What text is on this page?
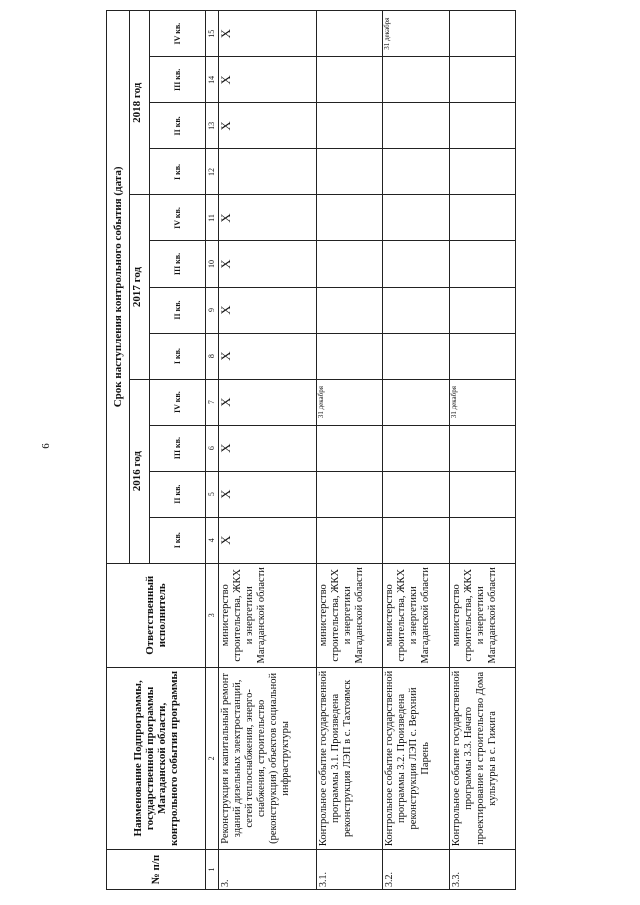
6
№ п/п	Наименование Подпрограммы, государственной программы Магаданской области, контрольного события программы	Ответственный исполнитель	Срок наступления контрольного события (дата)											
			2016 год				2017 год				2018 год			
			I кв.	II кв.	III кв.	IV кв.	I кв.	II кв.	III кв.	IV кв.	I кв.	II кв.	III кв.	IV кв.
1	2	3	4	5	6	7	8	9	10	11	12	13	14	15
3.	Реконструкция и капитальный ремонт зданий дизельных электростанций, сетей теплоснабжения, энерго-снабжения, строительство (реконструкция) объектов социальной инфраструктуры	министерство строительства, ЖКХ и энергетики Магаданской области	X	X	X	X	X	X	X	X		X	X	X
3.1.	Контрольное событие государственной программы 3.1. Произведена реконструкция ЛЭП в с. Тахтоямск	министерство строительства, ЖКХ и энергетики Магаданской области				31 декабря								
3.2.	Контрольное событие государственной программы 3.2. Произведена реконструкция ЛЭП с. Верхний Парень	министерство строительства, ЖКХ и энергетики Магаданской области												31 декабря
3.3.	Контрольное событие государственной программы 3.3. Начато проектирование и строительство Дома культуры в с. Гижига	министерство строительства, ЖКХ и энергетики Магаданской области				31 декабря								
